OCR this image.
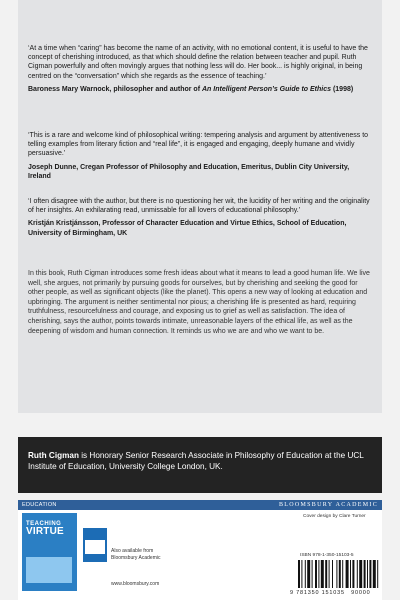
‘At a time when “caring” has become the name of an activity, with no emotional content, it is useful to have the concept of cherishing introduced, as that which should define the relation between teacher and pupil. Ruth Cigman powerfully and often movingly argues that nothing less will do. Her book... is highly original, in being centred on the “conversation” which she regards as the essence of teaching.’
Baroness Mary Warnock, philosopher and author of An Intelligent Person’s Guide to Ethics (1998)
‘This is a rare and welcome kind of philosophical writing: tempering analysis and argument by attentiveness to telling examples from literary fiction and “real life”, it is engaged and engaging, deeply humane and vividly persuasive.’
Joseph Dunne, Cregan Professor of Philosophy and Education, Emeritus, Dublin City University, Ireland
‘I often disagree with the author, but there is no questioning her wit, the lucidity of her writing and the originality of her insights. An exhilarating read, unmissable for all lovers of educational philosophy.’
Kristján Kristjánsson, Professor of Character Education and Virtue Ethics, School of Education, University of Birmingham, UK
In this book, Ruth Cigman introduces some fresh ideas about what it means to lead a good human life. We live well, she argues, not primarily by pursuing goods for ourselves, but by cherishing and seeking the good for other people, as well as significant objects (like the planet). This opens a new way of looking at education and upbringing. The argument is neither sentimental nor pious; a cherishing life is presented as hard, requiring truthfulness, resourcefulness and courage, and exposing us to grief as well as satisfaction. The idea of cherishing, says the author, points towards intimate, unreasonable layers of the ethical life, as well as the deepening of wisdom and human connection. It reminds us who we are and who we want to be.
Ruth Cigman is Honorary Senior Research Associate in Philosophy of Education at the UCL Institute of Education, University College London, UK.
EDUCATION	BLOOMSBURY ACADEMIC
TEACHING
VIRTUE
Also available from
Bloomsbury Academic
www.bloomsbury.com
Cover design by Clare Turner
ISBN 978-1-350-15103-5
9 781350 151035 90000
